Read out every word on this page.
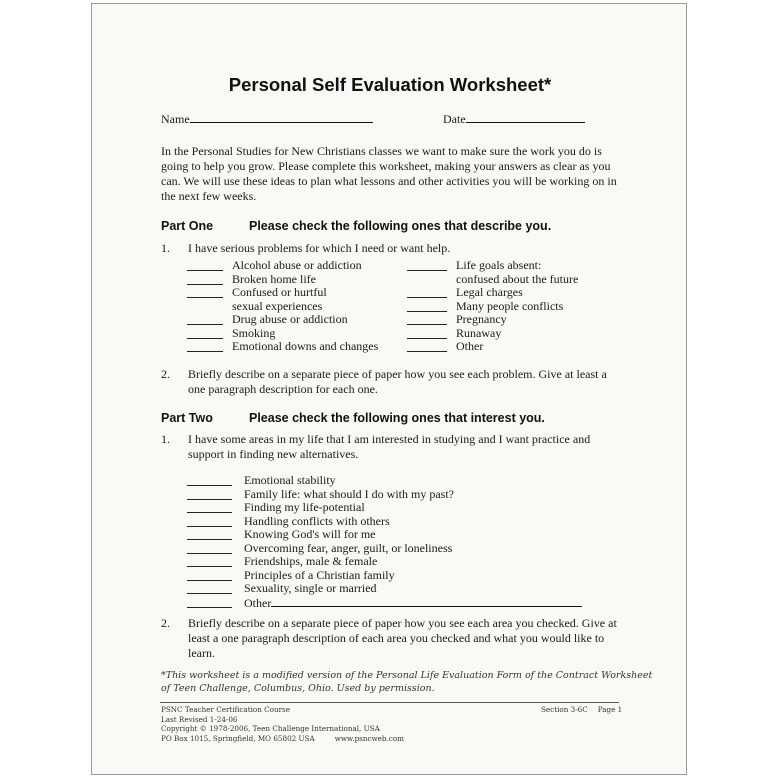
Personal Self Evaluation Worksheet*
Name	Date
In the Personal Studies for New Christians classes we want to make sure the work you do is
going to help you grow. Please complete this worksheet, making your answers as clear as you
can. We will use these ideas to plan what lessons and other activities you will be working on in
the next few weeks.
Part One	Please check the following ones that describe you.
1. I have serious problems for which I need or want help.
Alcohol abuse or addiction
Broken home life
Confused or hurtful
sexual experiences
Drug abuse or addiction
Smoking
Emotional downs and changes
Life goals absent:
confused about the future
Legal charges
Many people conflicts
Pregnancy
Runaway
Other
2. Briefly describe on a separate piece of paper how you see each problem. Give at least a
one paragraph description for each one.
Part Two	Please check the following ones that interest you.
1. I have some areas in my life that I am interested in studying and I want practice and
support in finding new alternatives.
Emotional stability
Family life: what should I do with my past?
Finding my life-potential
Handling conflicts with others
Knowing God's will for me
Overcoming fear, anger, guilt, or loneliness
Friendships, male & female
Principles of a Christian family
Sexuality, single or married
Other
2. Briefly describe on a separate piece of paper how you see each area you checked. Give at
least a one paragraph description of each area you checked and what you would like to
learn.
*This worksheet is a modified version of the Personal Life Evaluation Form of the Contract Worksheet
of Teen Challenge, Columbus, Ohio. Used by permission.
PSNC Teacher Certification Course
Last Revised 1-24-06
Copyright © 1978-2006, Teen Challenge International, USA
PO Box 1015, Springfield, MO 65802 USA	www.psncweb.com
Section 3-6C Page 1
